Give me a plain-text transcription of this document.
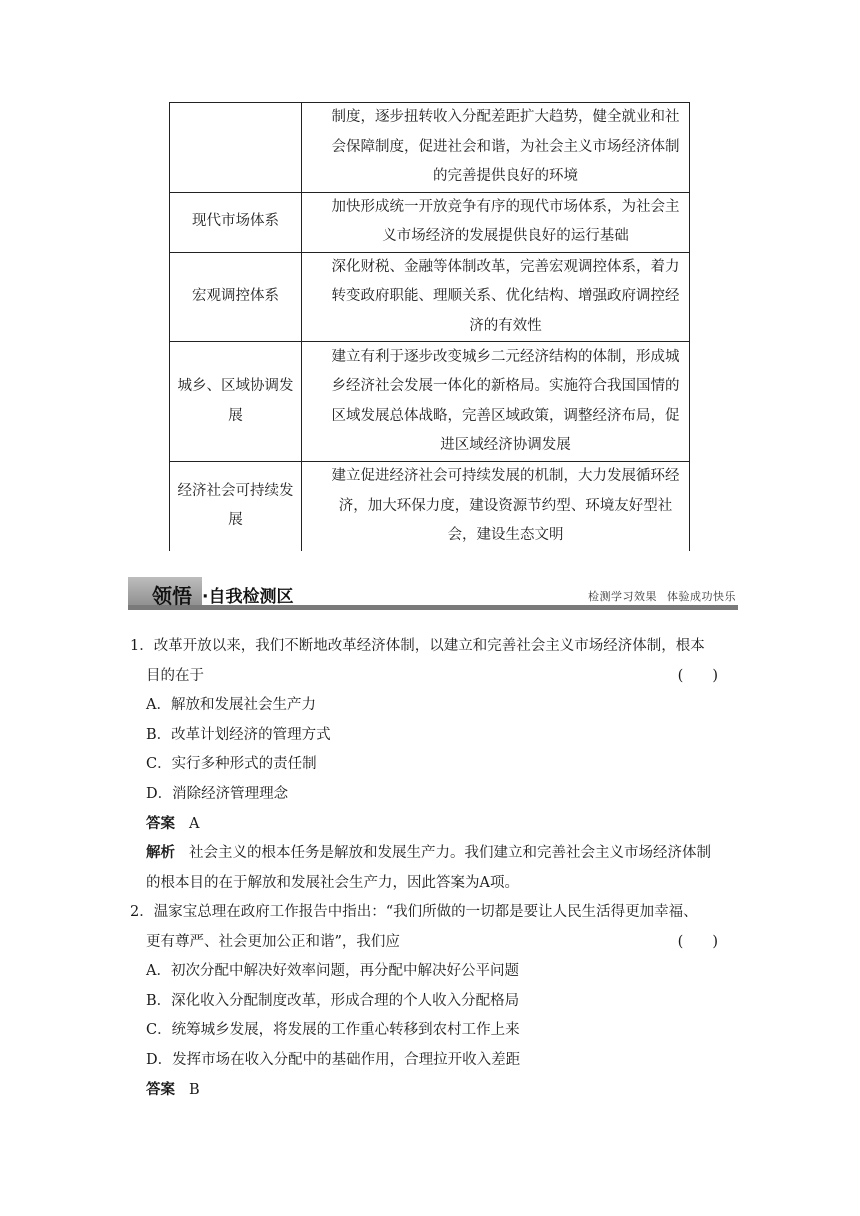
	制度，逐步扭转收入分配差距扩大趋势，健全就业和社会保障制度，促进社会和谐，为社会主义市场经济体制的完善提供良好的环境
现代市场体系	加快形成统一开放竞争有序的现代市场体系，为社会主义市场经济的发展提供良好的运行基础
宏观调控体系	深化财税、金融等体制改革，完善宏观调控体系，着力转变政府职能、理顺关系、优化结构、增强政府调控经济的有效性
城乡、区域协调发展	建立有利于逐步改变城乡二元经济结构的体制，形成城乡经济社会发展一体化的新格局。实施符合我国国情的区域发展总体战略，完善区域政策，调整经济布局，促进区域经济协调发展
经济社会可持续发展	建立促进经济社会可持续发展的机制，大力发展循环经济，加大环保力度，建设资源节约型、环境友好型社会，建设生态文明
领悟 ·自我检测区	检测学习效果 体验成功快乐
1．改革开放以来，我们不断地改革经济体制，以建立和完善社会主义市场经济体制，根本
目的在于	(　　)
A．解放和发展社会生产力
B．改革计划经济的管理方式
C．实行多种形式的责任制
D．消除经济管理理念
答案 A
解析 社会主义的根本任务是解放和发展生产力。我们建立和完善社会主义市场经济体制
的根本目的在于解放和发展社会生产力，因此答案为A项。
2．温家宝总理在政府工作报告中指出：“我们所做的一切都是要让人民生活得更加幸福、
更有尊严、社会更加公正和谐”，我们应	(　　)
A．初次分配中解决好效率问题，再分配中解决好公平问题
B．深化收入分配制度改革，形成合理的个人收入分配格局
C．统筹城乡发展，将发展的工作重心转移到农村工作上来
D．发挥市场在收入分配中的基础作用，合理拉开收入差距
答案 B
